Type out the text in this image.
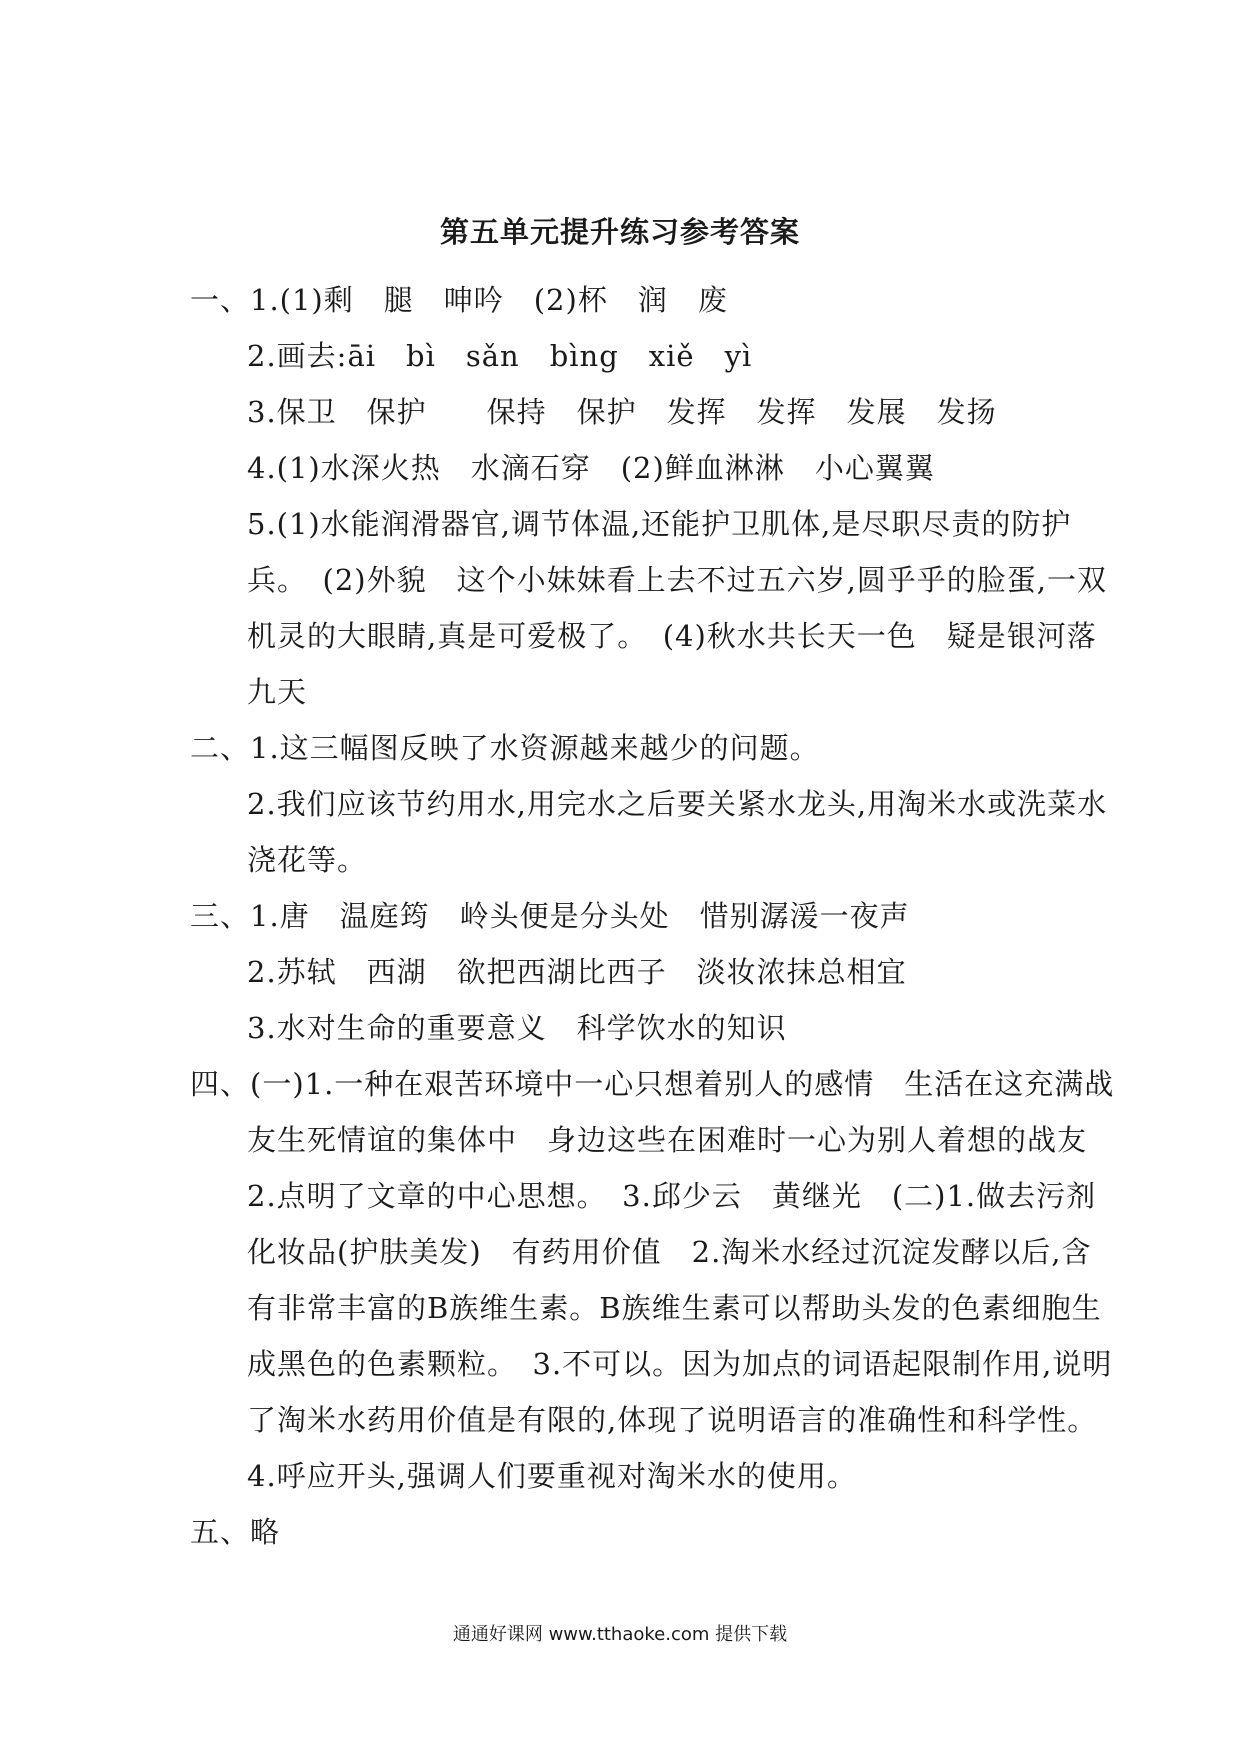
第五单元提升练习参考答案
一、1.(1)剩　腿　呻吟　(2)杯　润　废
2.画去:āi　bì　sǎn　bìng　xiě　yì
3.保卫　保护　　保持　保护　发挥　发挥　发展　发扬
4.(1)水深火热　水滴石穿　(2)鲜血淋淋　小心翼翼
5.(1)水能润滑器官,调节体温,还能护卫肌体,是尽职尽责的防护
兵。　(2)外貌　这个小妹妹看上去不过五六岁,圆乎乎的脸蛋,一双
机灵的大眼睛,真是可爱极了。　(4)秋水共长天一色　疑是银河落
九天
二、1.这三幅图反映了水资源越来越少的问题。
2.我们应该节约用水,用完水之后要关紧水龙头,用淘米水或洗菜水
浇花等。
三、1.唐　温庭筠　岭头便是分头处　惜别潺湲一夜声
2.苏轼　西湖　欲把西湖比西子　淡妆浓抹总相宜
3.水对生命的重要意义　科学饮水的知识
四、(一)1.一种在艰苦环境中一心只想着别人的感情　生活在这充满战
友生死情谊的集体中　身边这些在困难时一心为别人着想的战友
2.点明了文章的中心思想。　3.邱少云　黄继光　(二)1.做去污剂
化妆品(护肤美发)　有药用价值　2.淘米水经过沉淀发酵以后,含
有非常丰富的B族维生素。B族维生素可以帮助头发的色素细胞生
成黑色的色素颗粒。　3.不可以。因为加点的词语起限制作用,说明
了淘米水药用价值是有限的,体现了说明语言的准确性和科学性。
4.呼应开头,强调人们要重视对淘米水的使用。
五、略
通通好课网 www.tthaoke.com 提供下载
